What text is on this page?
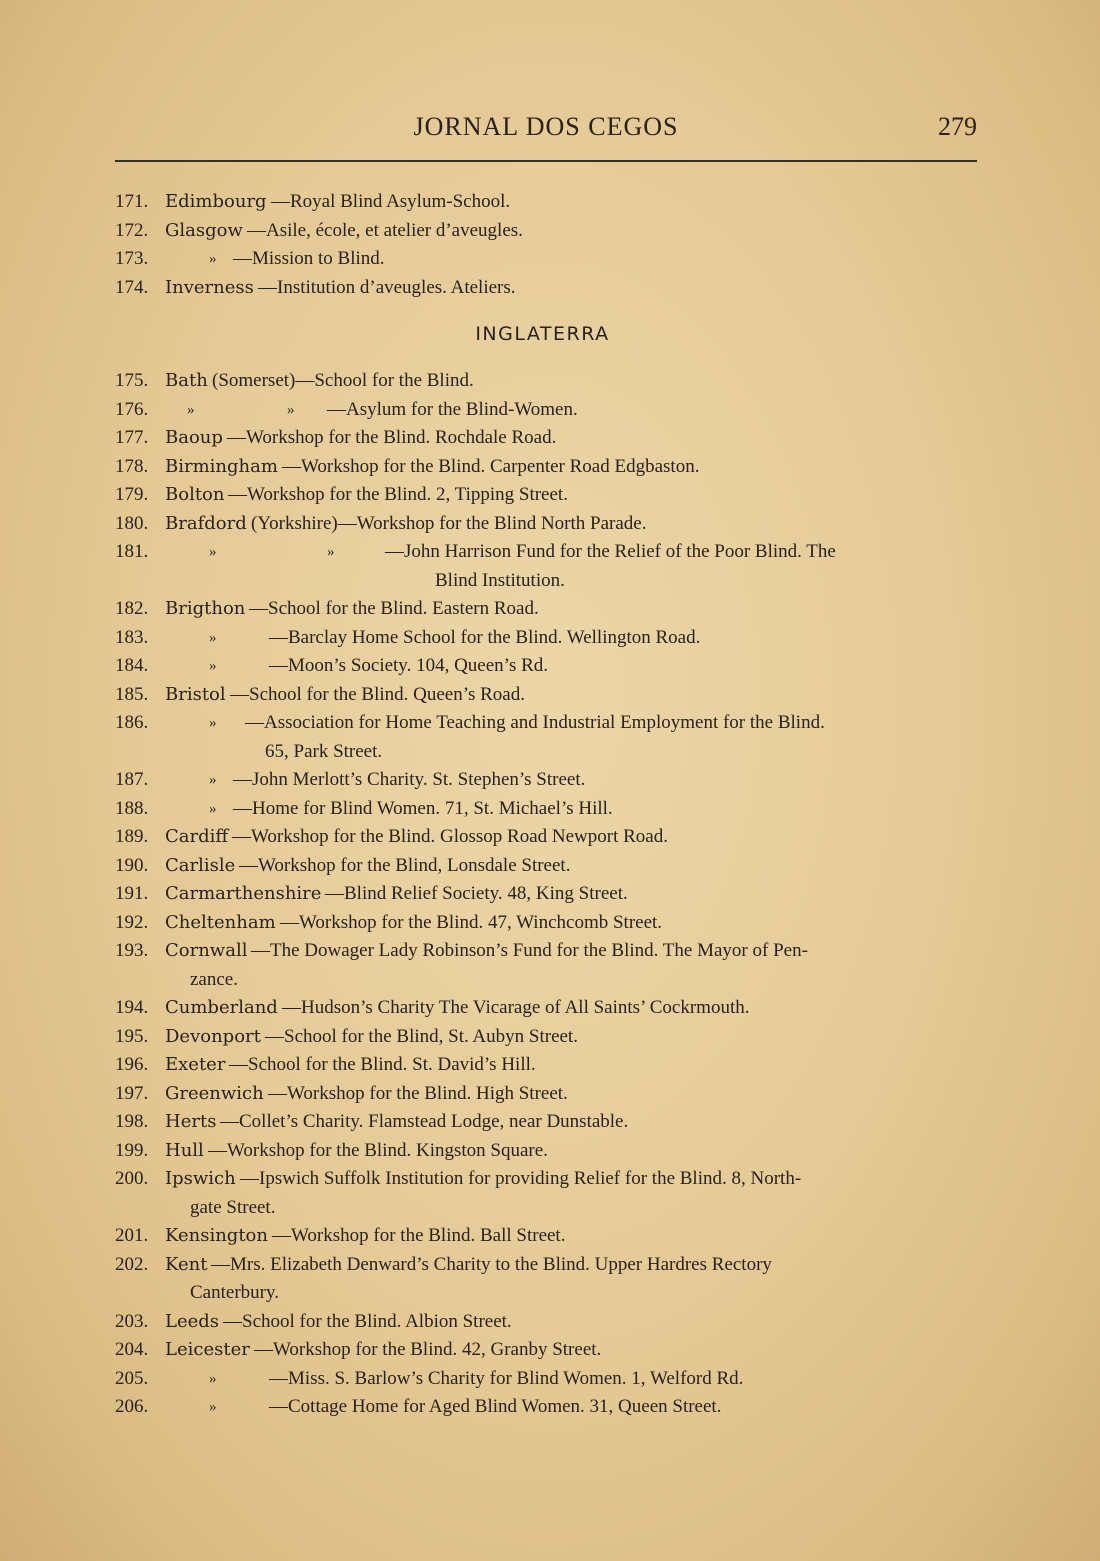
JORNAL DOS CEGOS	279
171. Edimbourg —Royal Blind Asylum-School.
172. Glasgow —Asile, école, et atelier d’aveugles.
173.	» —Mission to Blind.
174. Inverness —Institution d’aveugles. Ateliers.
INGLATERRA
175. Bath (Somerset)—School for the Blind.
176.	»	» —Asylum for the Blind-Women.
177. Baoup —Workshop for the Blind. Rochdale Road.
178. Birmingham —Workshop for the Blind. Carpenter Road Edgbaston.
179. Bolton —Workshop for the Blind. 2, Tipping Street.
180. Brafdord (Yorkshire)—Workshop for the Blind North Parade.
181.	»	»	—John Harrison Fund for the Relief of the Poor Blind. The
Blind Institution.
182. Brigthon —School for the Blind. Eastern Road.
183.	»	—Barclay Home School for the Blind. Wellington Road.
184.	»	—Moon’s Society. 104, Queen’s Rd.
185. Bristol —School for the Blind. Queen’s Road.
186.	» —Association for Home Teaching and Industrial Employment for the Blind.
65, Park Street.
187.	» —John Merlott’s Charity. St. Stephen’s Street.
188.	» —Home for Blind Women. 71, St. Michael’s Hill.
189. Cardiff —Workshop for the Blind. Glossop Road Newport Road.
190. Carlisle —Workshop for the Blind, Lonsdale Street.
191. Carmarthenshire —Blind Relief Society. 48, King Street.
192. Cheltenham —Workshop for the Blind. 47, Winchcomb Street.
193. Cornwall —The Dowager Lady Robinson’s Fund for the Blind. The Mayor of Pen-
zance.
194. Cumberland —Hudson’s Charity The Vicarage of All Saints’ Cockrmouth.
195. Devonport —School for the Blind, St. Aubyn Street.
196. Exeter —School for the Blind. St. David’s Hill.
197. Greenwich —Workshop for the Blind. High Street.
198. Herts —Collet’s Charity. Flamstead Lodge, near Dunstable.
199. Hull —Workshop for the Blind. Kingston Square.
200. Ipswich —Ipswich Suffolk Institution for providing Relief for the Blind. 8, North-
gate Street.
201. Kensington —Workshop for the Blind. Ball Street.
202. Kent —Mrs. Elizabeth Denward’s Charity to the Blind. Upper Hardres Rectory
Canterbury.
203. Leeds —School for the Blind. Albion Street.
204. Leicester —Workshop for the Blind. 42, Granby Street.
205.	»	—Miss. S. Barlow’s Charity for Blind Women. 1, Welford Rd.
206.	»	—Cottage Home for Aged Blind Women. 31, Queen Street.
